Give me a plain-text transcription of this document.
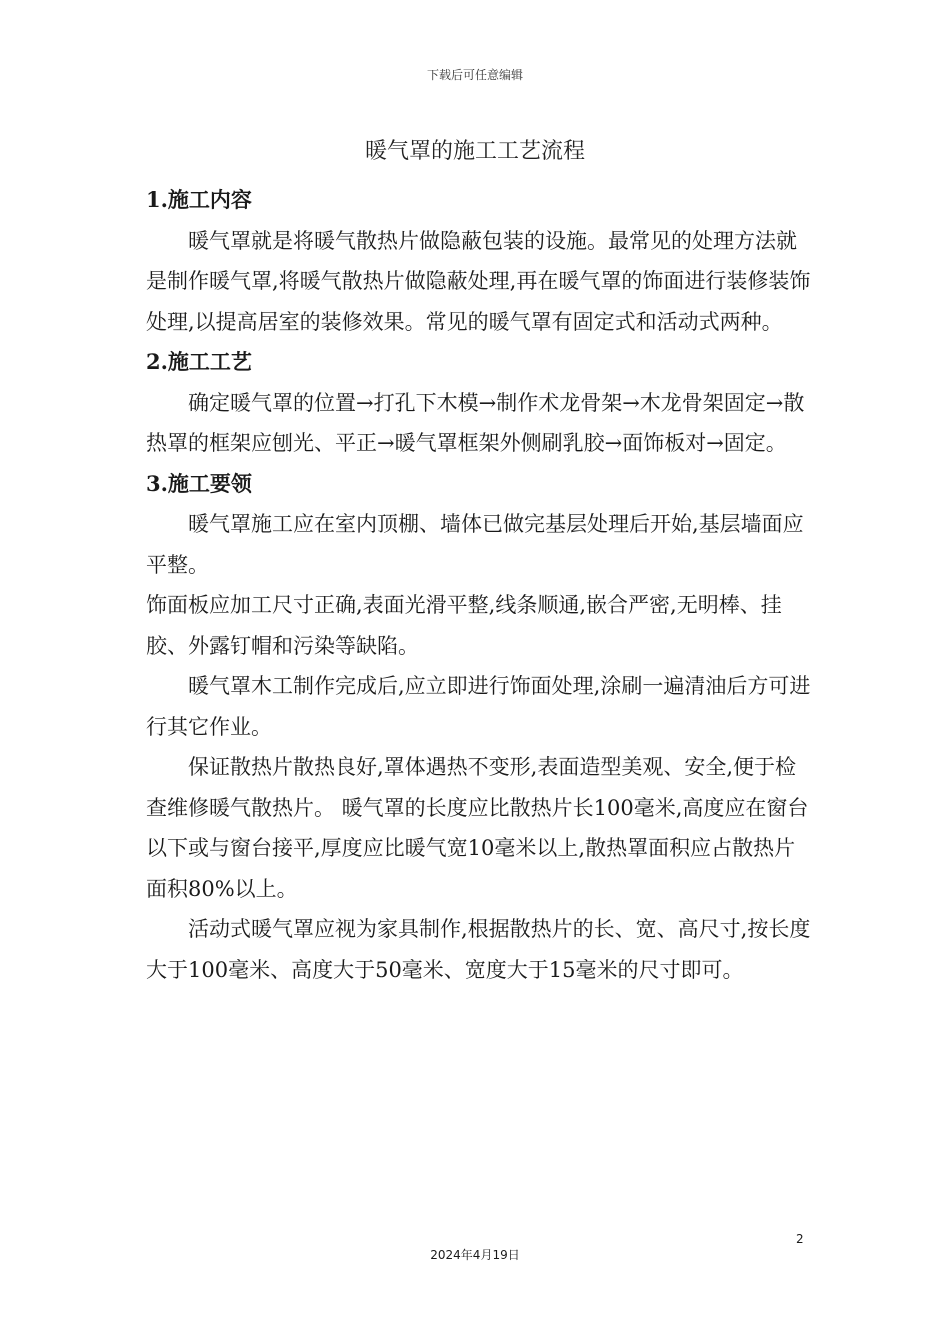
下载后可任意编辑
暖气罩的施工工艺流程

1.施工内容

暖气罩就是将暖气散热片做隐蔽包装的设施。最常见的处理方法就是制作暖气罩,将暖气散热片做隐蔽处理,再在暖气罩的饰面进行装修装饰处理,以提高居室的装修效果。常见的暖气罩有固定式和活动式两种。

2.施工工艺

确定暖气罩的位置→打孔下木模→制作术龙骨架→木龙骨架固定→散热罩的框架应刨光、平正→暖气罩框架外侧刷乳胶→面饰板对→固定。

3.施工要领

暖气罩施工应在室内顶棚、墙体已做完基层处理后开始,基层墙面应平整。

饰面板应加工尺寸正确,表面光滑平整,线条顺通,嵌合严密,无明棒、挂胶、外露钉帽和污染等缺陷。

暖气罩木工制作完成后,应立即进行饰面处理,涂刷一遍清油后方可进行其它作业。

保证散热片散热良好,罩体遇热不变形,表面造型美观、安全,便于检查维修暖气散热片。 暖气罩的长度应比散热片长100毫米,高度应在窗台以下或与窗台接平,厚度应比暖气宽10毫米以上,散热罩面积应占散热片面积80%以上。

活动式暖气罩应视为家具制作,根据散热片的长、宽、高尺寸,按长度大于100毫米、高度大于50毫米、宽度大于15毫米的尺寸即可。

2
2024年4月19日
